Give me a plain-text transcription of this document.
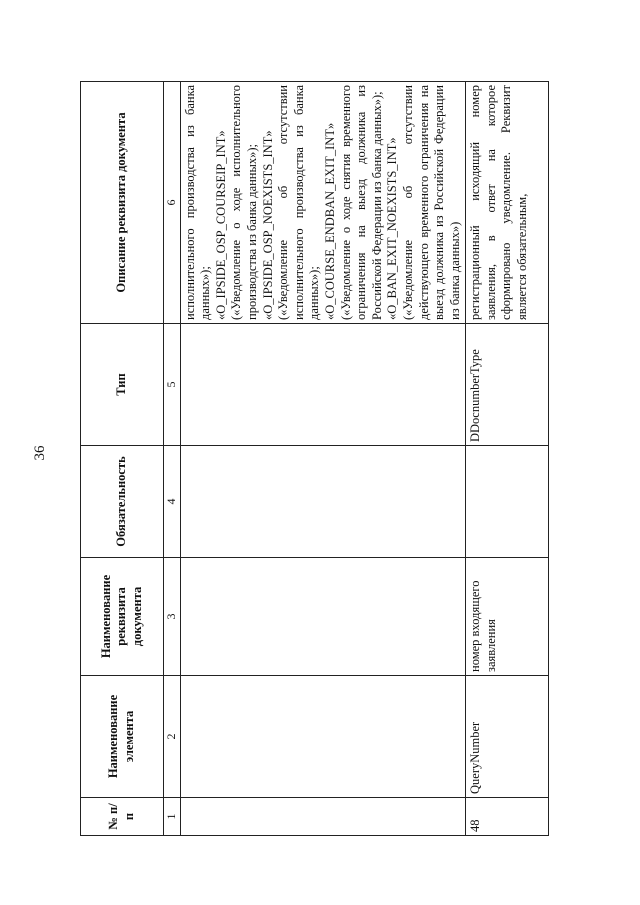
36
№ п/п	Наименование элемента	Наименование реквизита документа	Обязательность	Тип	Описание реквизита документа
1	2	3	4	5	6

					исполнительного производства из банка данных»); «O_IPSIDE_OSP_COURSEIP_INT» («Уведомление о ходе исполнительного производства из банка данных»); «O_IPSIDE_OSP_NOEXISTS_INT» («Уведомление об отсутствии исполнительного производства из банка данных»); «O_COURSE_ENDBAN_EXIT_INT» («Уведомление о ходе снятия временного ограничения на выезд должника из Российской Федерации из банка данных»); «O_BAN_EXIT_NOEXISTS_INT» («Уведомление об отсутствии действующего временного ограничения на выезд должника из Российской Федерации из банка данных»)

48	QueryNumber	номер входящего заявления		DDocnumberType	регистрационный исходящий номер заявления, в ответ на которое сформировано уведомление. Реквизит является обязательным,
